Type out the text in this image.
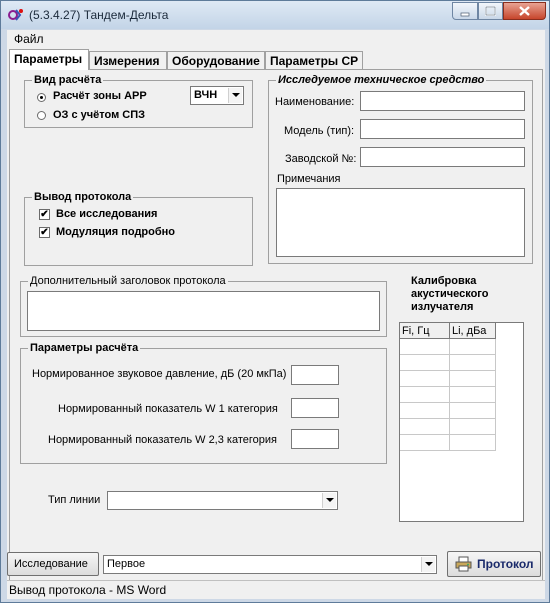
(5.3.4.27) Тандем-Дельта
Файл
Параметры Измерения	Оборудование Параметры СР
Вид расчёта
Расчёт зоны АРР
ОЗ с учётом СПЗ
ВЧН
Исследуемое техническое средство
Наименование:
Модель (тип):
Заводской №:
Примечания
Вывод протокола
✔ Все исследования
✔ Модуляция подробно
Дополнительный заголовок протокола
Параметры расчёта
Нормированное звуковое давление, дБ (20 мкПа)
Нормированный показатель W 1 категория
Нормированный показатель W 2,3 категория
Калибровка акустического излучателя
Fi, Гц	Li, дБа
Тип линии
Исследование Первое	Протокол
Вывод протокола - MS Word
